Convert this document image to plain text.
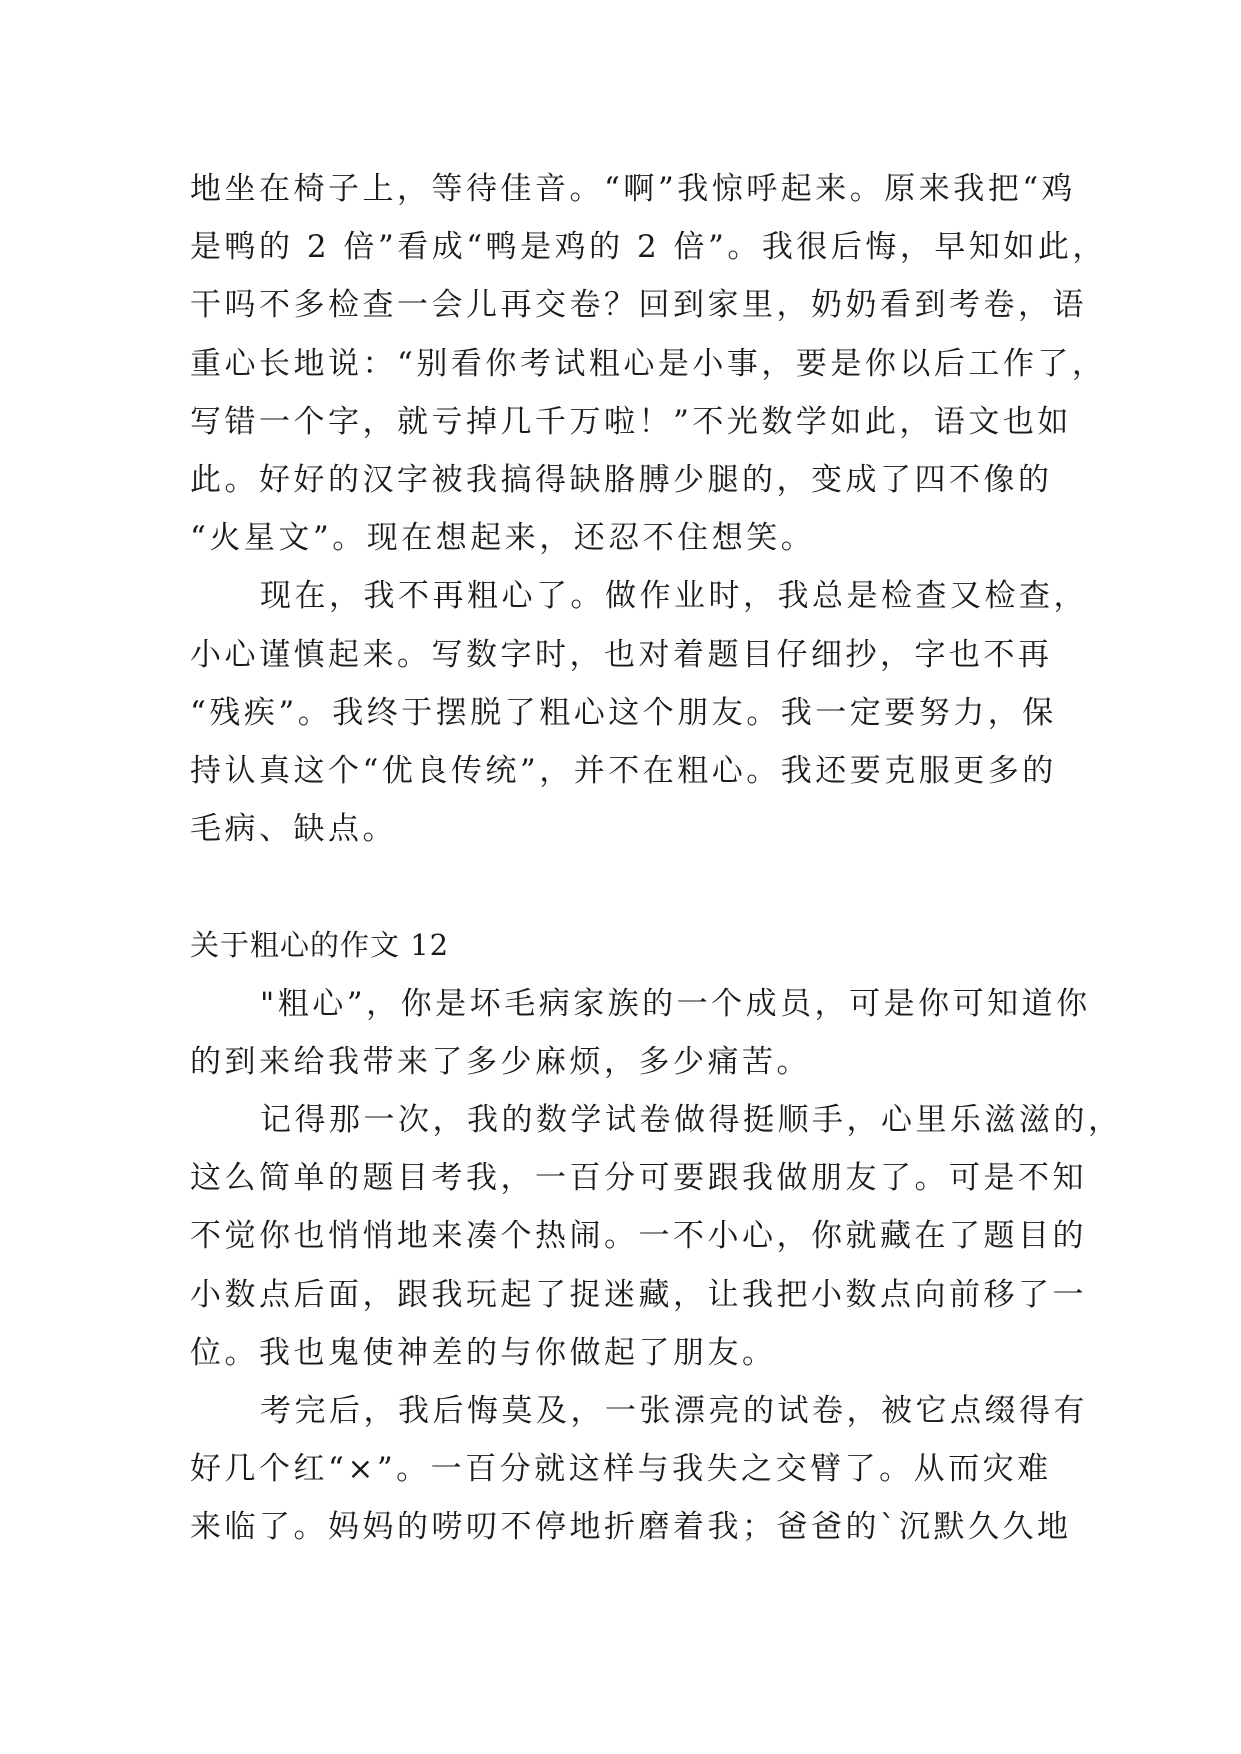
地坐在椅子上，等待佳音。“啊”我惊呼起来。原来我把“鸡
是鸭的 2 倍”看成“鸭是鸡的 2 倍”。我很后悔，早知如此，
干吗不多检查一会儿再交卷？回到家里，奶奶看到考卷，语
重心长地说：“别看你考试粗心是小事，要是你以后工作了，
写错一个字，就亏掉几千万啦！”不光数学如此，语文也如
此。好好的汉字被我搞得缺胳膊少腿的，变成了四不像的
“火星文”。现在想起来，还忍不住想笑。
现在，我不再粗心了。做作业时，我总是检查又检查，
小心谨慎起来。写数字时，也对着题目仔细抄，字也不再
“残疾”。我终于摆脱了粗心这个朋友。我一定要努力，保
持认真这个“优良传统”，并不在粗心。我还要克服更多的
毛病、缺点。
关于粗心的作文 12
"粗心”，你是坏毛病家族的一个成员，可是你可知道你
的到来给我带来了多少麻烦，多少痛苦。
记得那一次，我的数学试卷做得挺顺手，心里乐滋滋的，
这么简单的题目考我，一百分可要跟我做朋友了。可是不知
不觉你也悄悄地来凑个热闹。一不小心，你就藏在了题目的
小数点后面，跟我玩起了捉迷藏，让我把小数点向前移了一
位。我也鬼使神差的与你做起了朋友。
考完后，我后悔莫及，一张漂亮的试卷，被它点缀得有
好几个红“×”。一百分就这样与我失之交臂了。从而灾难
来临了。妈妈的唠叨不停地折磨着我；爸爸的`沉默久久地
